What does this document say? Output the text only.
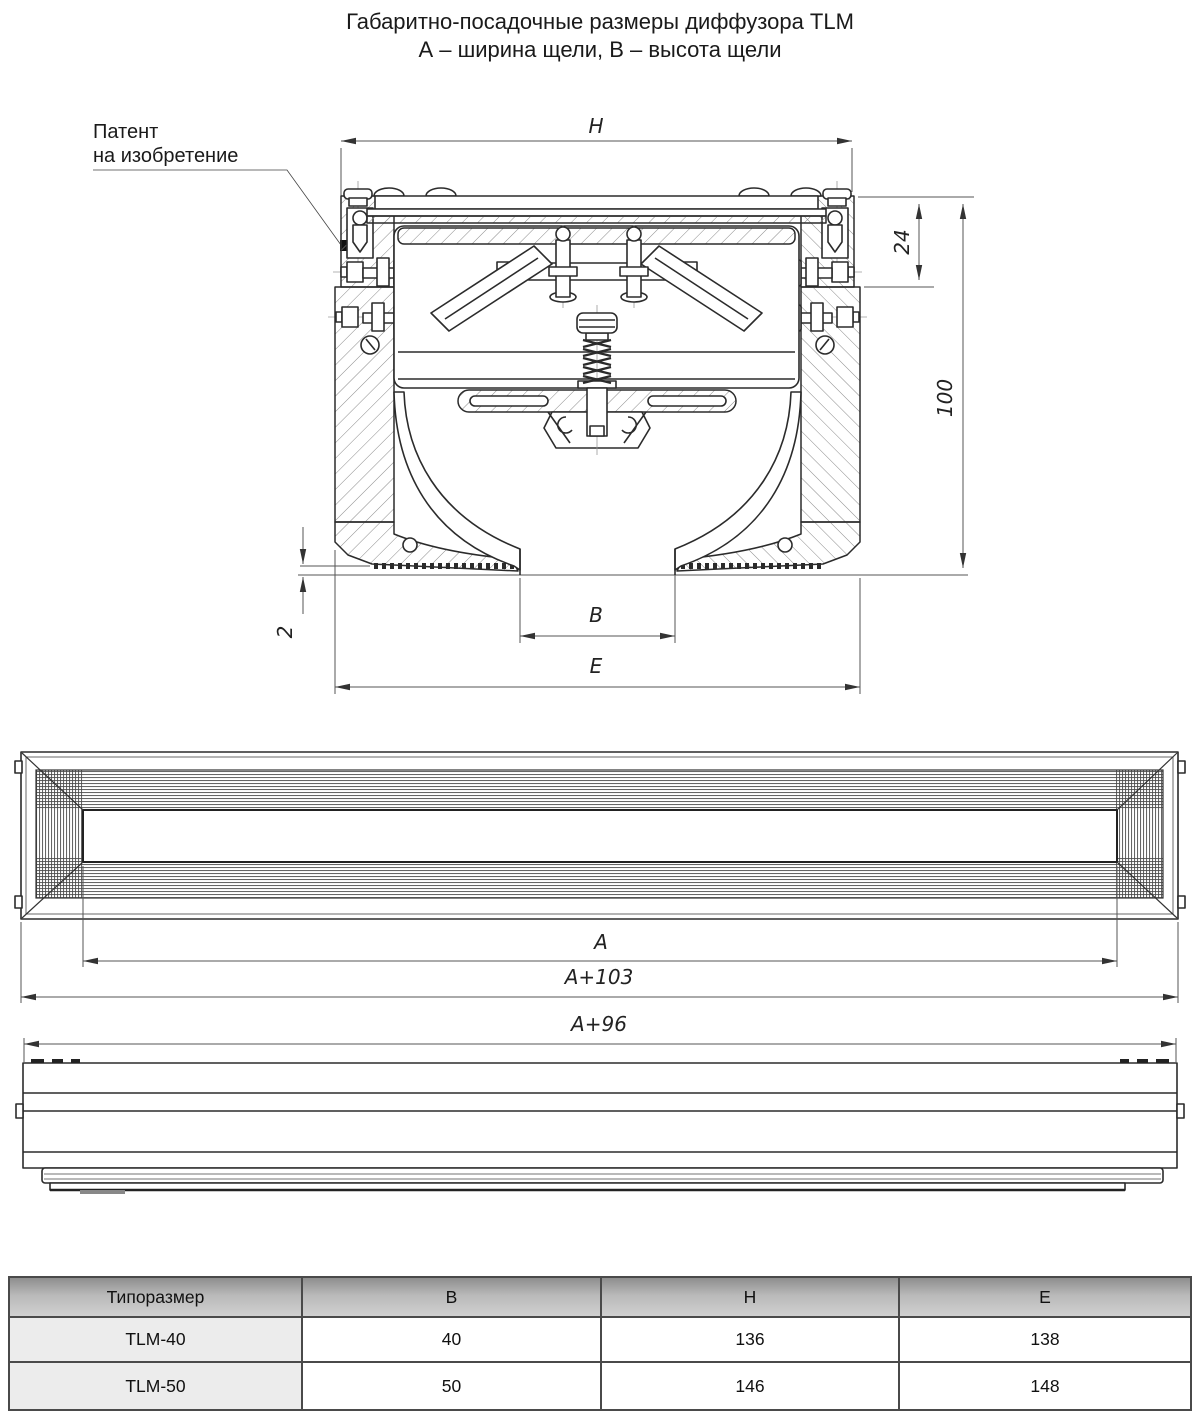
Габаритно-посадочные размеры диффузора TLM
А – ширина щели, В – высота щели
Патент
на изобретение
H
24
100
2
B
E
A
A+103
A+96
Типоразмер	B	H	E
TLM-40	40	136	138
TLM-50	50	146	148
